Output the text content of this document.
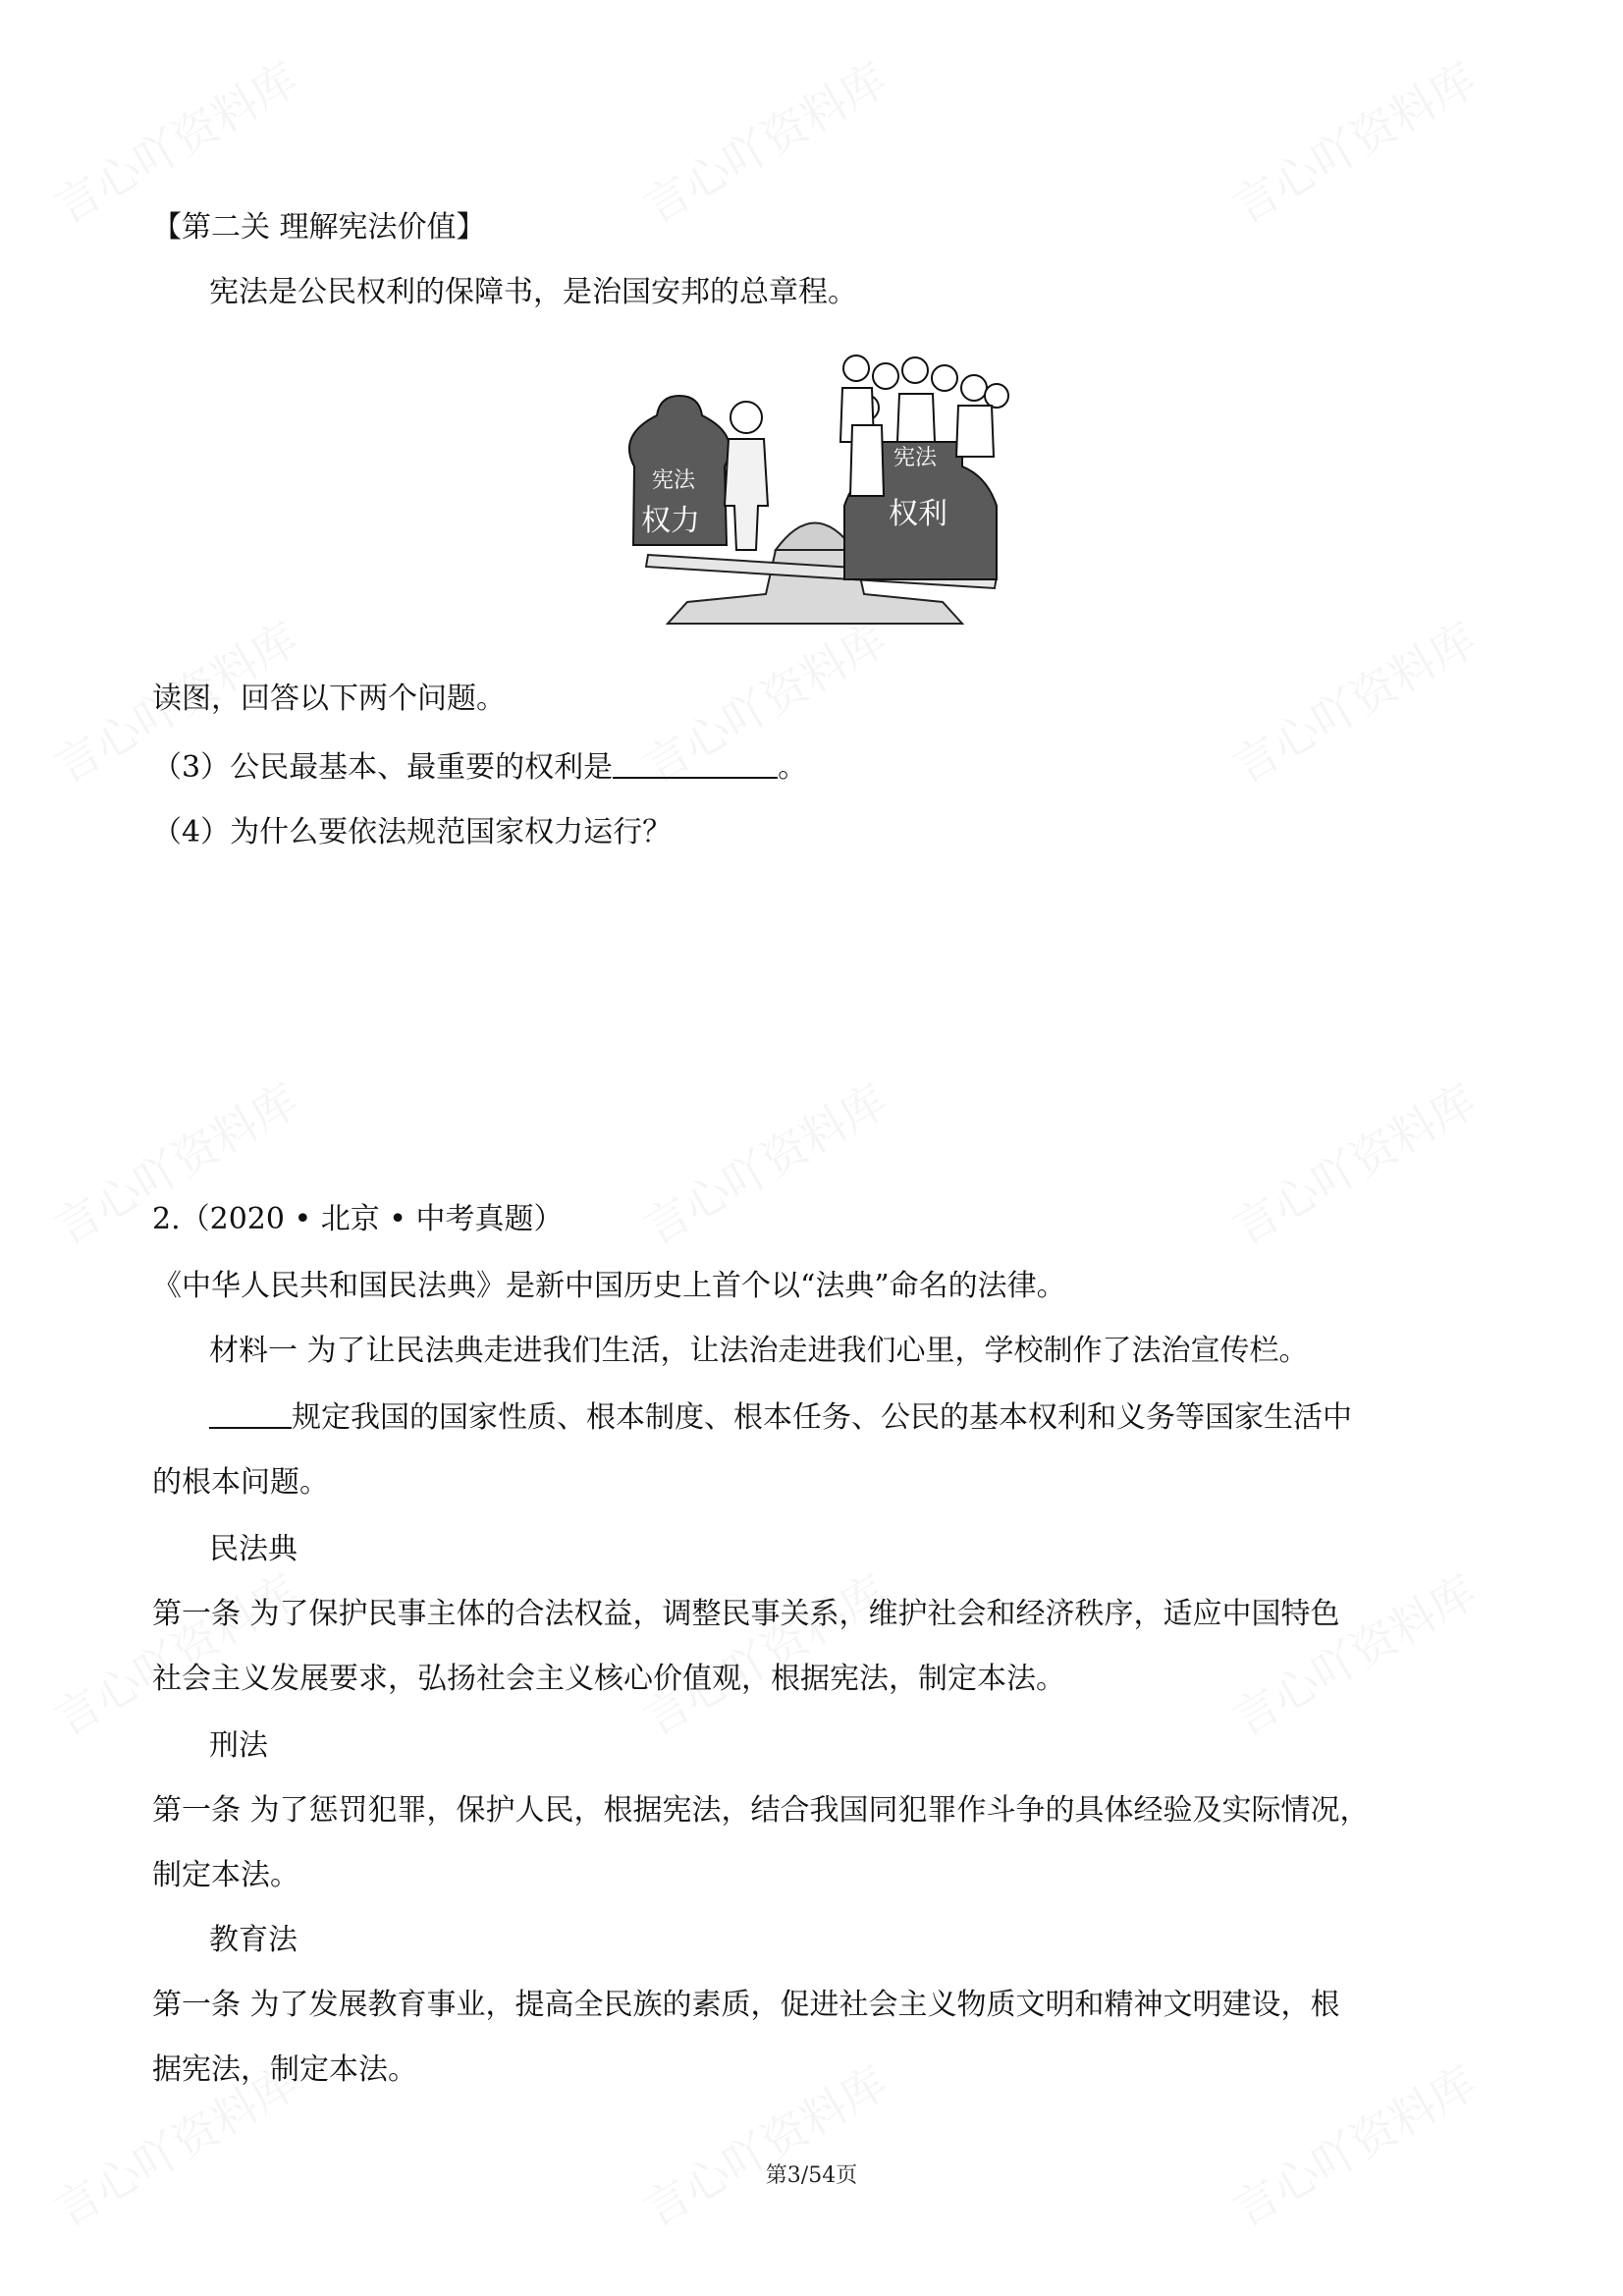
【第二关 理解宪法价值】
宪法是公民权利的保障书，是治国安邦的总章程。
宪法
权力
宪法
权利
读图，回答以下两个问题。
（3）公民最基本、最重要的权利是	。
（4）为什么要依法规范国家权力运行？
2.（2020 • 北京 • 中考真题）
《中华人民共和国民法典》是新中国历史上首个以“法典”命名的法律。
材料一 为了让民法典走进我们生活，让法治走进我们心里，学校制作了法治宣传栏。
规定我国的国家性质、根本制度、根本任务、公民的基本权利和义务等国家生活中
的根本问题。
民法典
第一条 为了保护民事主体的合法权益，调整民事关系，维护社会和经济秩序，适应中国特色
社会主义发展要求，弘扬社会主义核心价值观，根据宪法，制定本法。
刑法
第一条 为了惩罚犯罪，保护人民，根据宪法，结合我国同犯罪作斗争的具体经验及实际情况，
制定本法。
教育法
第一条 为了发展教育事业，提高全民族的素质，促进社会主义物质文明和精神文明建设，根
据宪法，制定本法。
第3/54页
